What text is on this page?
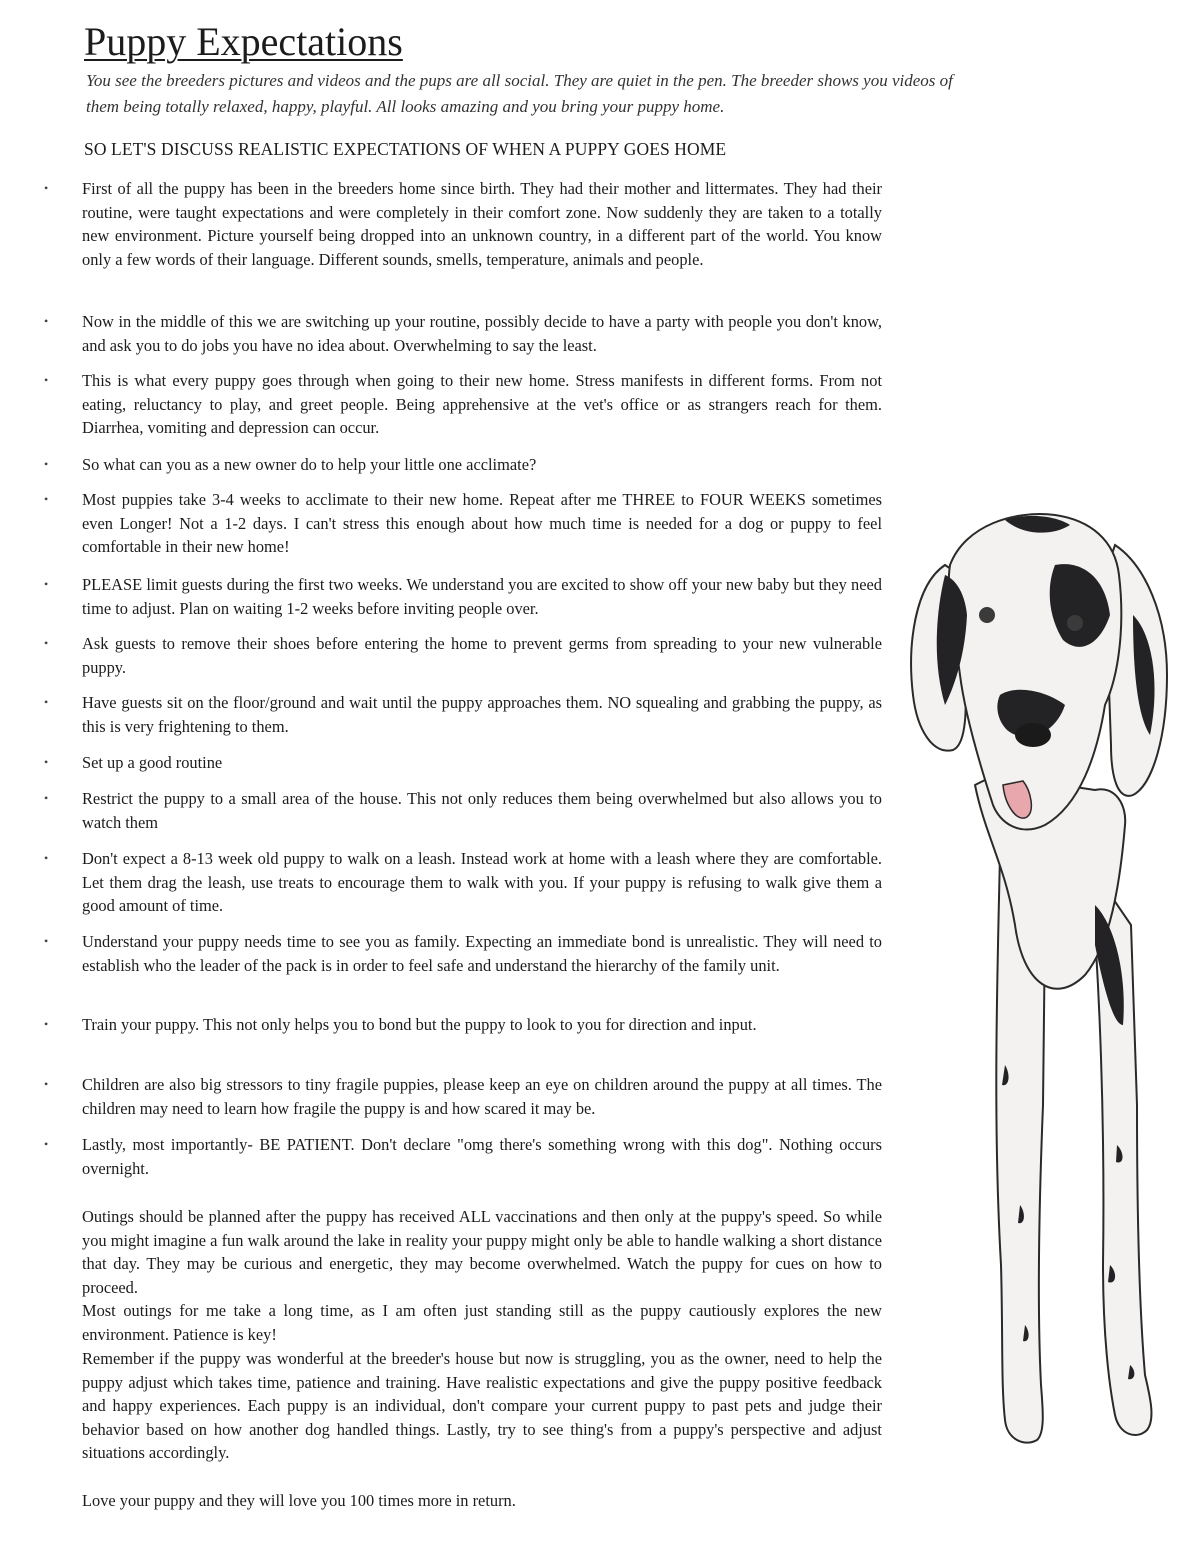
Puppy Expectations

You see the breeders pictures and videos and the pups are all social. They are quiet in the pen. The breeder shows you videos of them being totally relaxed, happy, playful. All looks amazing and you bring your puppy home.

SO LET'S DISCUSS REALISTIC EXPECTATIONS OF WHEN A PUPPY GOES HOME
•	First of all the puppy has been in the breeders home since birth. They had their mother and littermates. They had their routine, were taught expectations and were completely in their comfort zone. Now suddenly they are taken to a totally new environment. Picture yourself being dropped into an unknown country, in a different part of the world. You know only a few words of their language. Different sounds, smells, temperature, animals and people.
•	Now in the middle of this we are switching up your routine, possibly decide to have a party with people you don't know, and ask you to do jobs you have no idea about. Overwhelming to say the least.
•	This is what every puppy goes through when going to their new home. Stress manifests in different forms. From not eating, reluctancy to play, and greet people. Being apprehensive at the vet's office or as strangers reach for them. Diarrhea, vomiting and depression can occur.
•	So what can you as a new owner do to help your little one acclimate?
•	Most puppies take 3-4 weeks to acclimate to their new home. Repeat after me THREE to FOUR WEEKS sometimes even Longer! Not a 1-2 days. I can't stress this enough about how much time is needed for a dog or puppy to feel comfortable in their new home!
•	PLEASE limit guests during the first two weeks. We understand you are excited to show off your new baby but they need time to adjust. Plan on waiting 1-2 weeks before inviting people over.
•	Ask guests to remove their shoes before entering the home to prevent germs from spreading to your new vulnerable puppy.
•	Have guests sit on the floor/ground and wait until the puppy approaches them. NO squealing and grabbing the puppy, as this is very frightening to them.
•	Set up a good routine
•	Restrict the puppy to a small area of the house. This not only reduces them being overwhelmed but also allows you to watch them
•	Don't expect a 8-13 week old puppy to walk on a leash. Instead work at home with a leash where they are comfortable. Let them drag the leash, use treats to encourage them to walk with you. If your puppy is refusing to walk give them a good amount of time.
•	Understand your puppy needs time to see you as family. Expecting an immediate bond is unrealistic. They will need to establish who the leader of the pack is in order to feel safe and understand the hierarchy of the family unit.
•	Train your puppy. This not only helps you to bond but the puppy to look to you for direction and input.
•	Children are also big stressors to tiny fragile puppies, please keep an eye on children around the puppy at all times. The children may need to learn how fragile the puppy is and how scared it may be.
•	Lastly, most importantly- BE PATIENT. Don't declare "omg there's something wrong with this dog". Nothing occurs overnight.

Outings should be planned after the puppy has received ALL vaccinations and then only at the puppy's speed. So while you might imagine a fun walk around the lake in reality your puppy might only be able to handle walking a short distance that day. They may be curious and energetic, they may become overwhelmed. Watch the puppy for cues on how to proceed.

Most outings for me take a long time, as I am often just standing still as the puppy cautiously explores the new environment. Patience is key!

Remember if the puppy was wonderful at the breeder's house but now is struggling, you as the owner, need to help the puppy adjust which takes time, patience and training. Have realistic expectations and give the puppy positive feedback and happy experiences. Each puppy is an individual, don't compare your current puppy to past pets and judge their behavior based on how another dog handled things. Lastly, try to see thing's from a puppy's perspective and adjust situations accordingly.

Love your puppy and they will love you 100 times more in return.
